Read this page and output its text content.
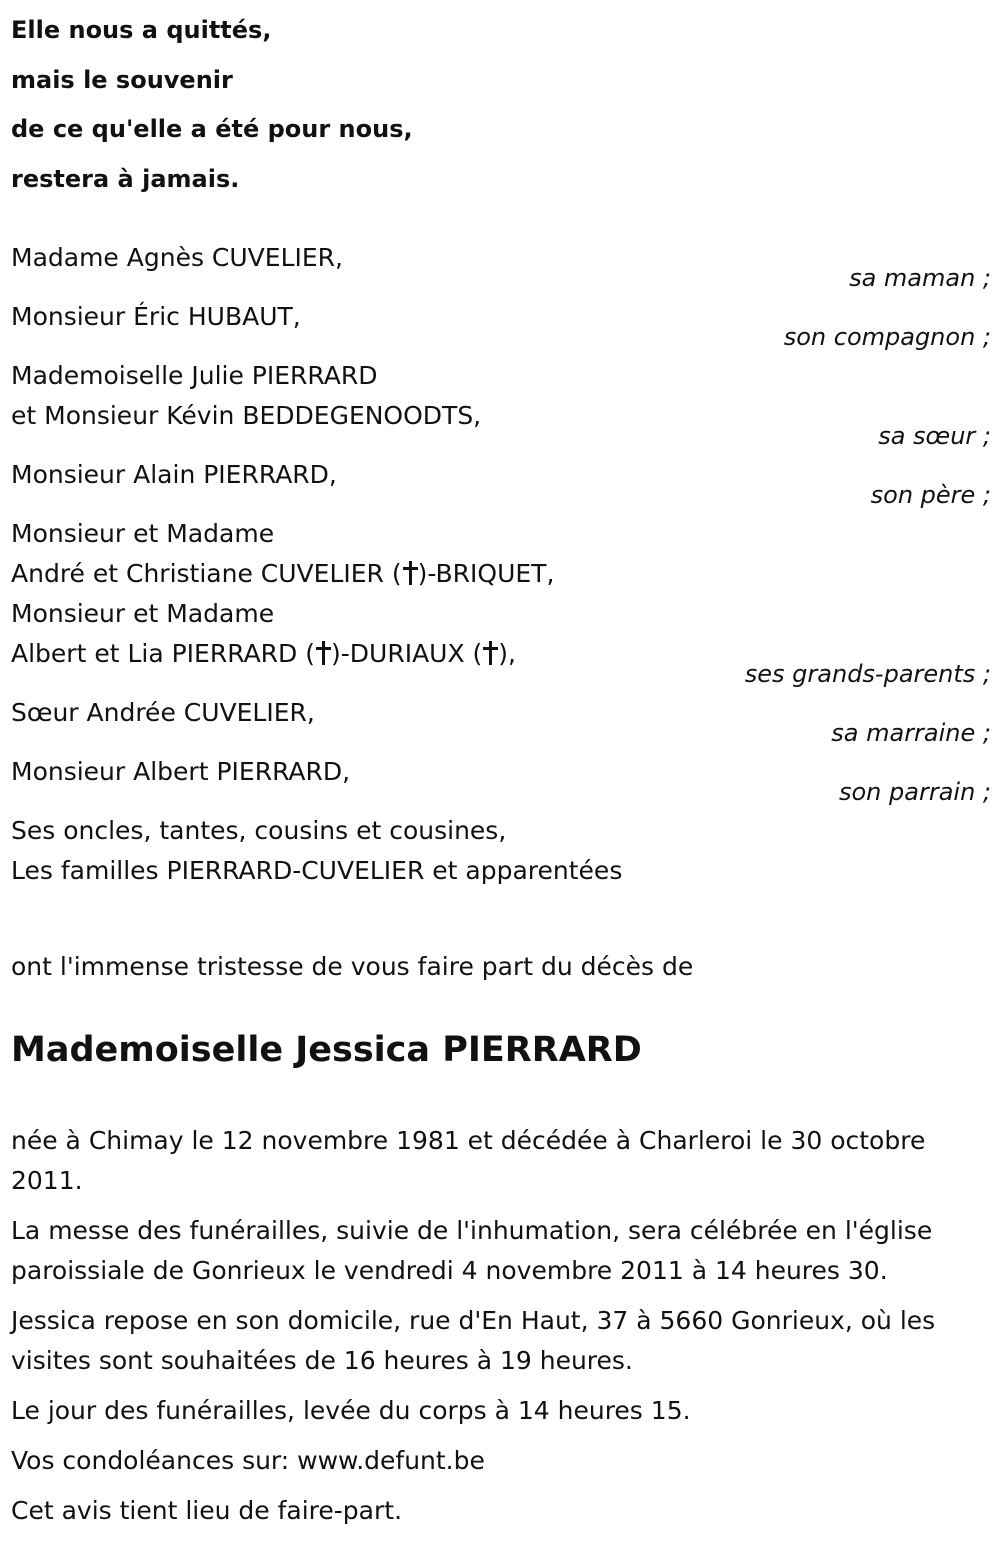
Elle nous a quittés,
mais le souvenir
de ce qu'elle a été pour nous,
restera à jamais.
Madame Agnès CUVELIER,
sa maman ;
Monsieur Éric HUBAUT,
son compagnon ;
Mademoiselle Julie PIERRARD
et Monsieur Kévin BEDDEGENOODTS,
sa sœur ;
Monsieur Alain PIERRARD,
son père ;
Monsieur et Madame
André et Christiane CUVELIER ( )-BRIQUET,
Monsieur et Madame
Albert et Lia PIERRARD ( )-DURIAUX ( ),
ses grands-parents ;
Sœur Andrée CUVELIER,
sa marraine ;
Monsieur Albert PIERRARD,
son parrain ;
Ses oncles, tantes, cousins et cousines,
Les familles PIERRARD-CUVELIER et apparentées
ont l'immense tristesse de vous faire part du décès de
Mademoiselle Jessica PIERRARD

née à Chimay le 12 novembre 1981 et décédée à Charleroi le 30 octobre 2011.

La messe des funérailles, suivie de l'inhumation, sera célébrée en l'église paroissiale de Gonrieux le vendredi 4 novembre 2011 à 14 heures 30.

Jessica repose en son domicile, rue d'En Haut, 37 à 5660 Gonrieux, où les visites sont souhaitées de 16 heures à 19 heures.

Le jour des funérailles, levée du corps à 14 heures 15.

Vos condoléances sur: www.defunt.be

Cet avis tient lieu de faire-part.
